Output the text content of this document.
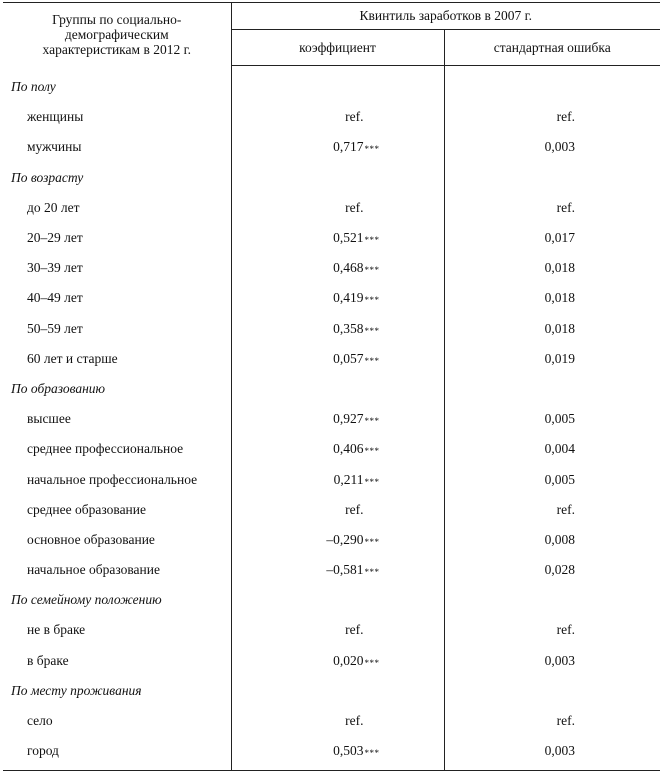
Группы по социально-
демографическим
характеристикам в 2012 г.	Квинтиль заработков в 2007 г.	
	коэффициент	стандартная ошибка
По полу		
женщины	ref.	ref.
мужчины	0,717 ***	0,003
По возрасту		
до 20 лет	ref.	ref.
20–29 лет	0,521 ***	0,017
30–39 лет	0,468 ***	0,018
40–49 лет	0,419 ***	0,018
50–59 лет	0,358 ***	0,018
60 лет и старше	0,057 ***	0,019
По образованию		
высшее	0,927 ***	0,005
среднее профессиональное	0,406 ***	0,004
начальное профессиональное	0,211 ***	0,005
среднее образование	ref.	ref.
основное образование	–0,290 ***	0,008
начальное образование	–0,581 ***	0,028
По семейному положению		
не в браке	ref.	ref.
в браке	0,020 ***	0,003
По месту проживания		
село	ref.	ref.
город	0,503 ***	0,003
